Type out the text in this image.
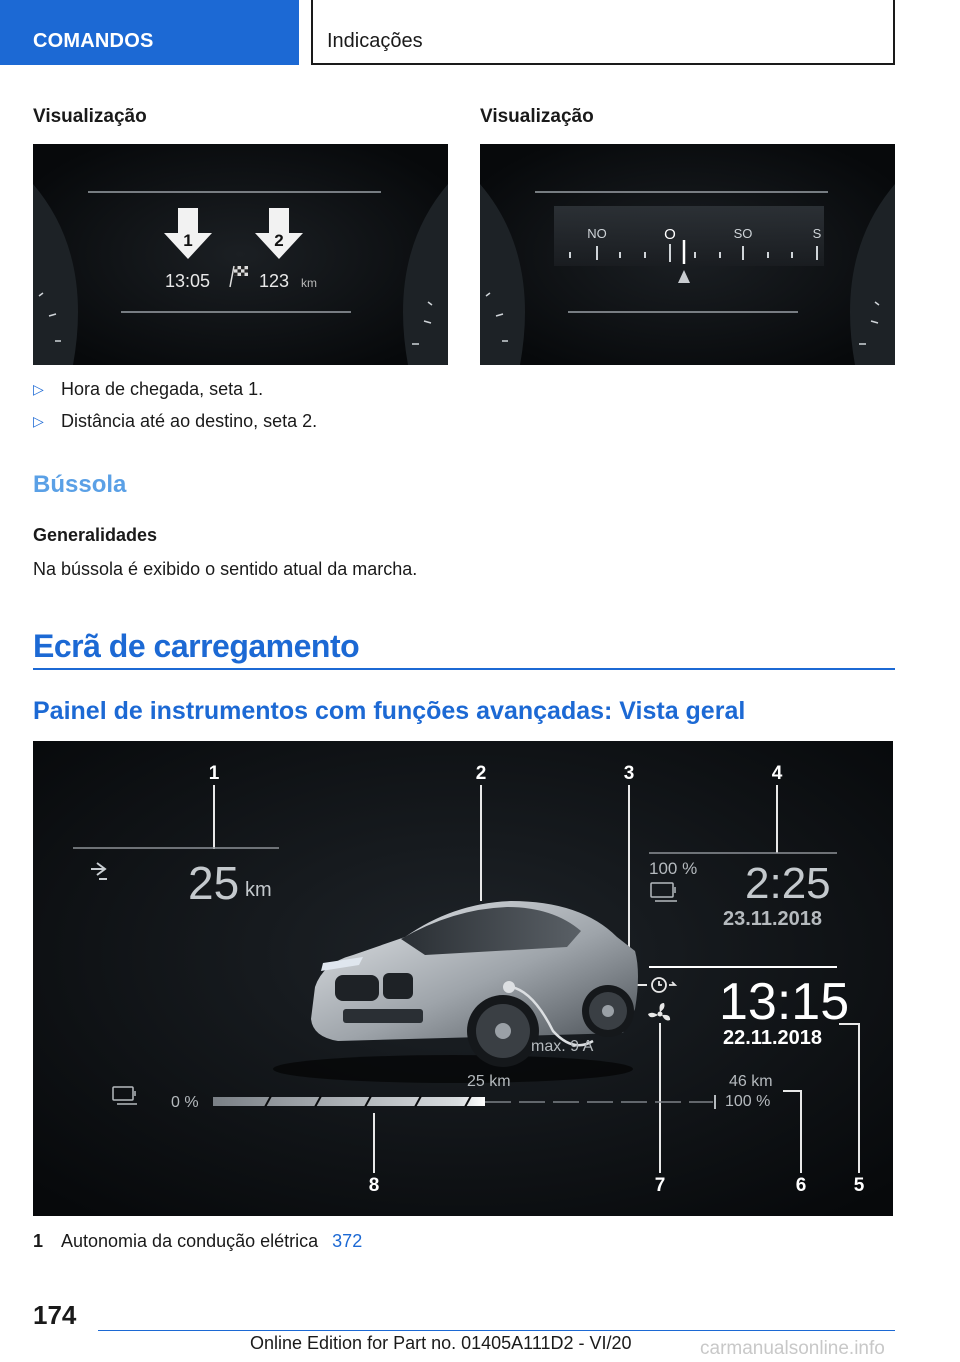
COMANDOS	Indicações
Visualização	Visualização
1	2
13:05	123 km
NO	O	SO	S
▷ Hora de chegada, seta 1.
▷ Distância até ao destino, seta 2.
Bússola
Generalidades
Na bússola é exibido o sentido atual da marcha.
Ecrã de carregamento
Painel de instrumentos com funções avançadas: Vista geral
1	2	3	4
5
6
7
8
25 km
100 % 2:25
23.11.2018
13:15
22.11.2018
max. 9 A
0 %
25 km	46 km
100 %
1 Autonomia da condução elétrica 372
174
Online Edition for Part no. 01405A111D2 - VI/20	carmanualsonline.info
